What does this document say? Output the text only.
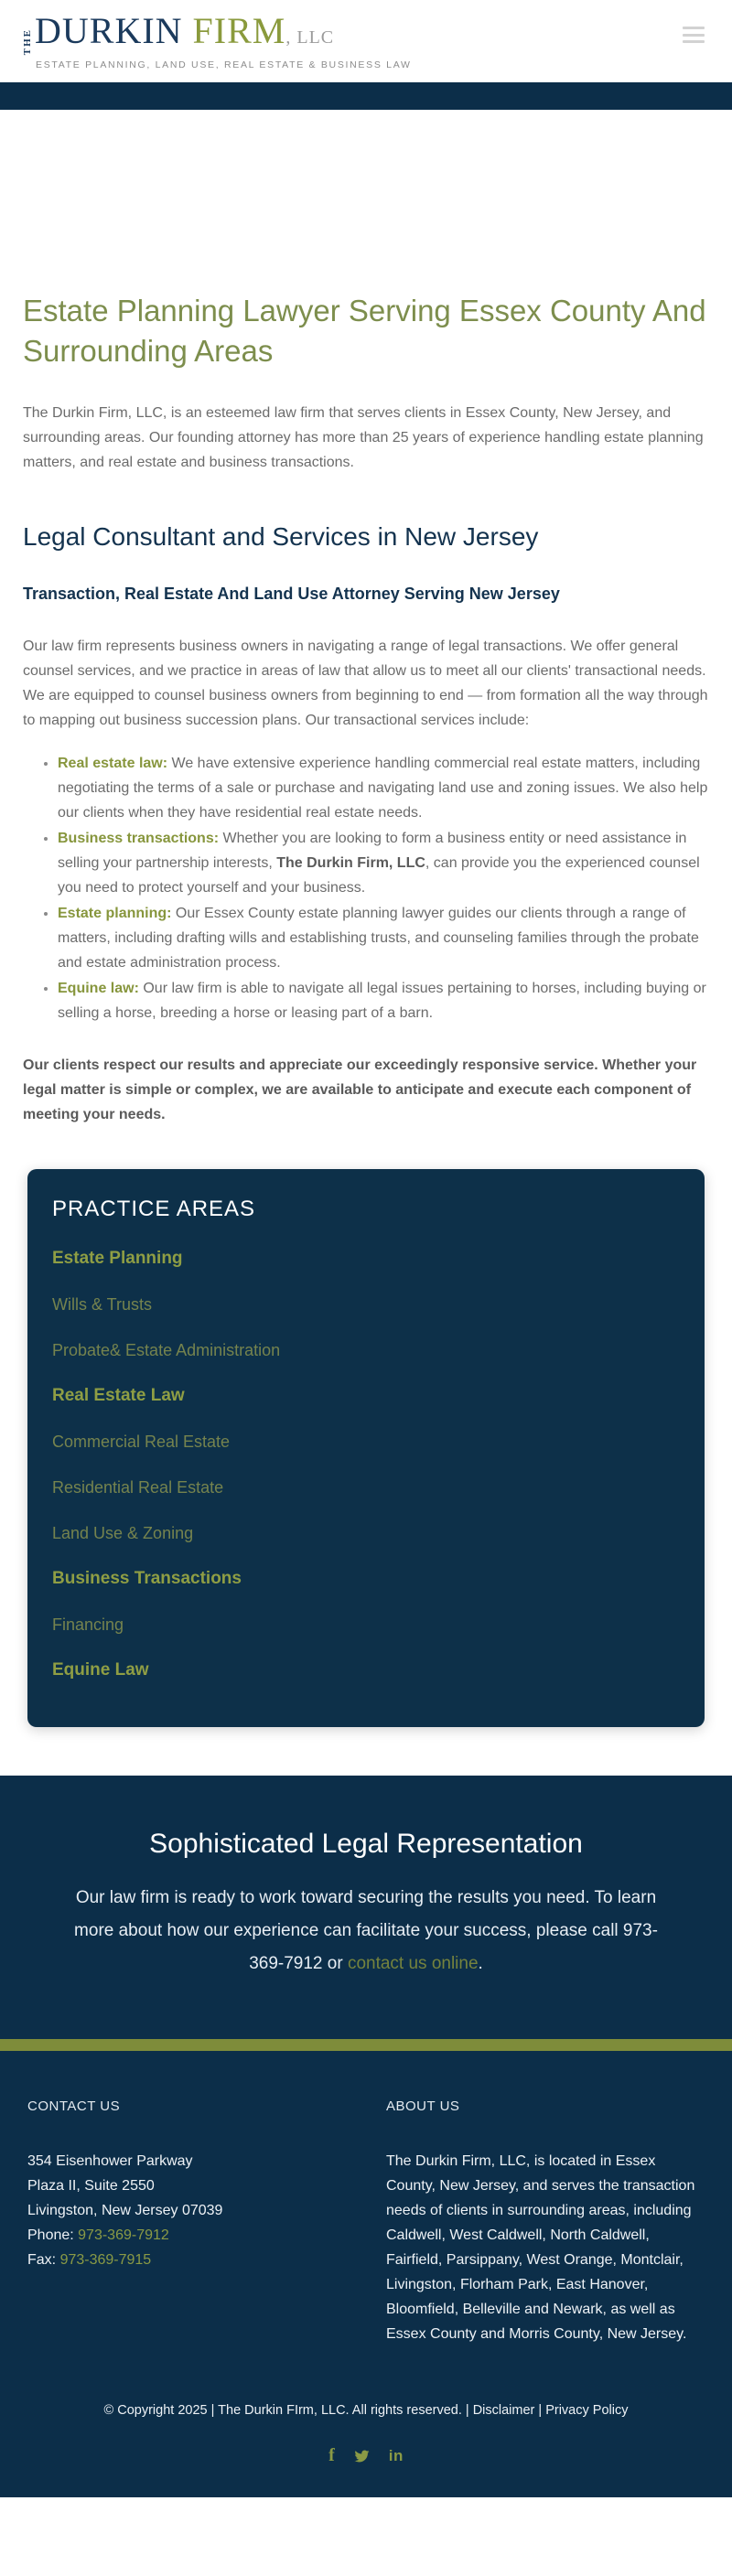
THE DURKIN FIRM, LLC
ESTATE PLANNING, LAND USE, REAL ESTATE & BUSINESS LAW
Estate Planning Lawyer Serving Essex County And Surrounding Areas

The Durkin Firm, LLC, is an esteemed law firm that serves clients in Essex County, New Jersey, and surrounding areas. Our founding attorney has more than 25 years of experience handling estate planning matters, and real estate and business transactions.

Legal Consultant and Services in New Jersey
Transaction, Real Estate And Land Use Attorney Serving New Jersey

Our law firm represents business owners in navigating a range of legal transactions. We offer general counsel services, and we practice in areas of law that allow us to meet all our clients' transactional needs. We are equipped to counsel business owners from beginning to end — from formation all the way through to mapping out business succession plans. Our transactional services include:

• Real estate law: We have extensive experience handling commercial real estate matters, including negotiating the terms of a sale or purchase and navigating land use and zoning issues. We also help our clients when they have residential real estate needs.
• Business transactions: Whether you are looking to form a business entity or need assistance in selling your partnership interests, The Durkin Firm, LLC, can provide you the experienced counsel you need to protect yourself and your business.
• Estate planning: Our Essex County estate planning lawyer guides our clients through a range of matters, including drafting wills and establishing trusts, and counseling families through the probate and estate administration process.
• Equine law: Our law firm is able to navigate all legal issues pertaining to horses, including buying or selling a horse, breeding a horse or leasing part of a barn.

Our clients respect our results and appreciate our exceedingly responsive service. Whether your legal matter is simple or complex, we are available to anticipate and execute each component of meeting your needs.

PRACTICE AREAS
Estate Planning
Wills & Trusts
Probate& Estate Administration
Real Estate Law
Commercial Real Estate
Residential Real Estate
Land Use & Zoning
Business Transactions
Financing
Equine Law
Sophisticated Legal Representation

Our law firm is ready to work toward securing the results you need. To learn more about how our experience can facilitate your success, please call 973-369-7912 or contact us online.

CONTACT US

354 Eisenhower Parkway

Plaza II, Suite 2550

Livingston, New Jersey 07039

Phone: 973-369-7912

Fax: 973-369-7915

ABOUT US

The Durkin Firm, LLC, is located in Essex County, New Jersey, and serves the transaction needs of clients in surrounding areas, including Caldwell, West Caldwell, North Caldwell, Fairfield, Parsippany, West Orange, Montclair, Livingston, Florham Park, East Hanover, Bloomfield, Belleville and Newark, as well as Essex County and Morris County, New Jersey.

© Copyright 2025 | The Durkin FIrm, LLC. All rights reserved. | Disclaimer | Privacy Policy
f	in
